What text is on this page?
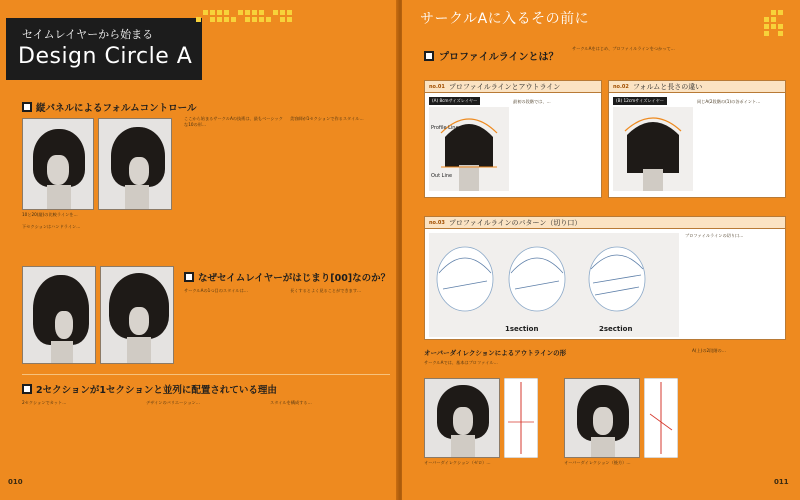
セイムレイヤーから始まる
Design Circle A
縦パネルによるフォルムコントロール
10と20(縦)の比較ラインを…
下セクションはハンドライン…

ここから始まるサークルAの技術は、最もベーシックな10の形…

美容師が1セクションで作るスタイル…

なぜセイムレイヤーがはじまり[00]なのか？

サークルAの1つ目のスタイルは…	長くするとよく見ることができます…

2セクションが1セクションと並列に配置されている理由

2セクションでカット…	デザインのバリエーション…	スタイルを構成する…

010
サークルAに入るその前に
プロファイルラインとは？

サークルAをはじめ、プロファイルラインをつかって…

no.01 プロファイルラインとアウトライン
(A) 8cmサイズレイヤー
Profile Line
Out Line
最初の段階では、…
no.02 フォルムと長さの違い
(B) 12cmサイズレイヤー	同じA(2段階の(1)の各ポイント…
no.03 プロファイルラインのパターン（切り口）
1section	2section
プロファイルラインの切り口…
オーバーダイレクションによるアウトラインの形

サークルAでは、基本はプロファイル…

オーバーダイレクション（ゼロ）…	オーバーダイレクション（後方）…

A(上)の2段階の…

011
